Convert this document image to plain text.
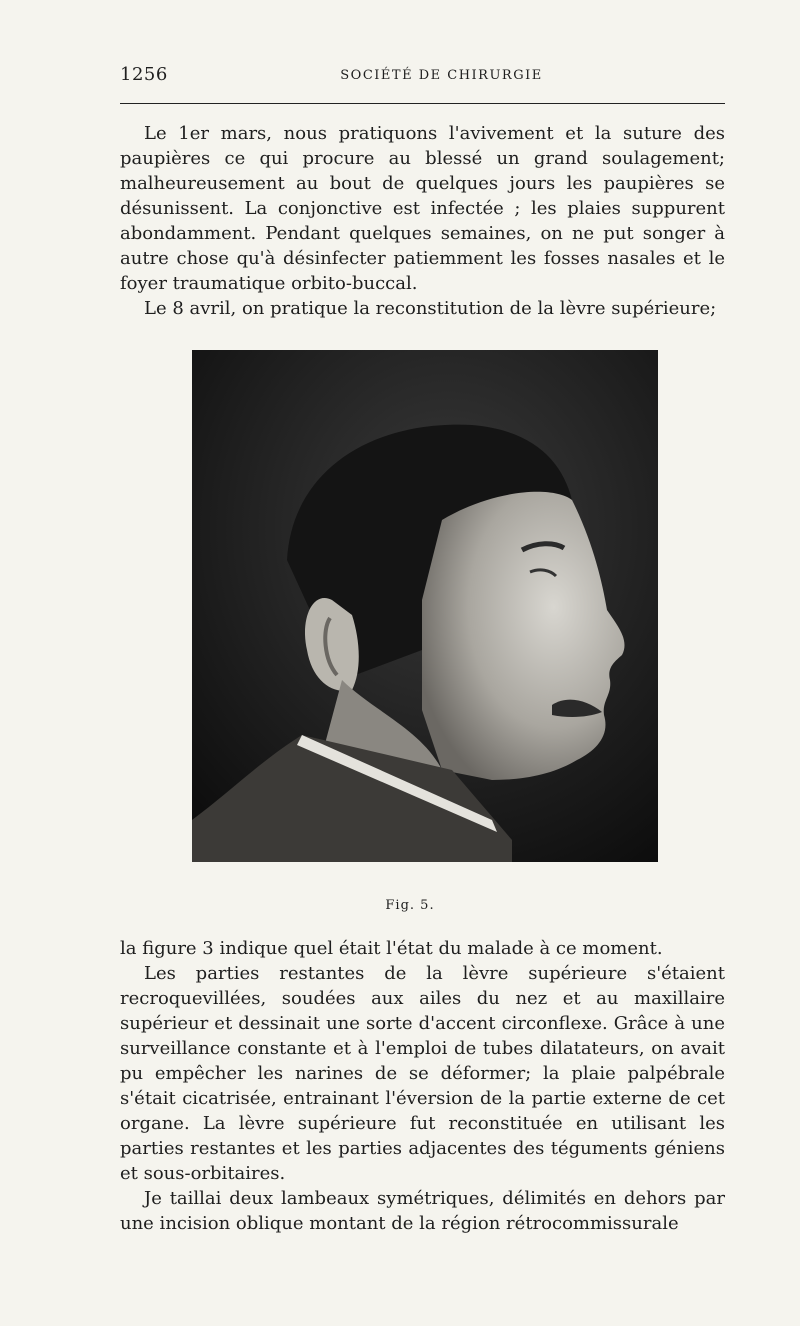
1256	SOCIÉTÉ DE CHIRURGIE

Le 1er mars, nous pratiquons l'avivement et la suture des paupières ce qui procure au blessé un grand soulagement; malheureusement au bout de quelques jours les paupières se désunissent. La conjonctive est infectée ; les plaies suppurent abondamment. Pendant quelques semaines, on ne put songer à autre chose qu'à désinfecter patiemment les fosses nasales et le foyer traumatique orbito-buccal.

Le 8 avril, on pratique la reconstitution de la lèvre supérieure;

Fig. 5.

la figure 3 indique quel était l'état du malade à ce moment.

Les parties restantes de la lèvre supérieure s'étaient recroquevillées, soudées aux ailes du nez et au maxillaire supérieur et dessinait une sorte d'accent circonflexe. Grâce à une surveillance constante et à l'emploi de tubes dilatateurs, on avait pu empêcher les narines de se déformer; la plaie palpébrale s'était cicatrisée, entrainant l'éversion de la partie externe de cet organe. La lèvre supérieure fut reconstituée en utilisant les parties restantes et les parties adjacentes des téguments géniens et sous-orbitaires.

Je taillai deux lambeaux symétriques, délimités en dehors par une incision oblique montant de la région rétrocommissurale
